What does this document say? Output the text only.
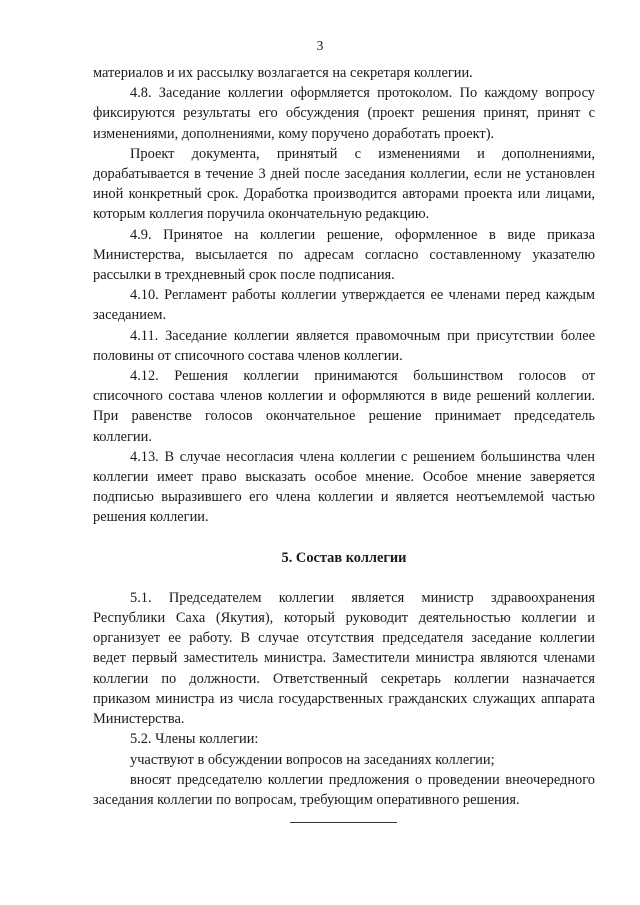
3

материалов и их рассылку возлагается на секретаря коллегии.

4.8. Заседание коллегии оформляется протоколом. По каждому вопросу фиксируются результаты его обсуждения (проект решения принят, принят с изменениями, дополнениями, кому поручено доработать проект).

Проект документа, принятый с изменениями и дополнениями, дорабатывается в течение 3 дней после заседания коллегии, если не установлен иной конкретный срок. Доработка производится авторами проекта или лицами, которым коллегия поручила окончательную редакцию.

4.9. Принятое на коллегии решение, оформленное в виде приказа Министерства, высылается по адресам согласно составленному указателю рассылки в трехдневный срок после подписания.

4.10. Регламент работы коллегии утверждается ее членами перед каждым заседанием.

4.11. Заседание коллегии является правомочным при присутствии более половины от списочного состава членов коллегии.

4.12. Решения коллегии принимаются большинством голосов от списочного состава членов коллегии и оформляются в виде решений коллегии. При равенстве голосов окончательное решение принимает председатель коллегии.

4.13. В случае несогласия члена коллегии с решением большинства член коллегии имеет право высказать особое мнение. Особое мнение заверяется подписью выразившего его члена коллегии и является неотъемлемой частью решения коллегии.

5. Состав коллегии

5.1. Председателем коллегии является министр здравоохранения Республики Саха (Якутия), который руководит деятельностью коллегии и организует ее работу. В случае отсутствия председателя заседание коллегии ведет первый заместитель министра. Заместители министра являются членами коллегии по должности. Ответственный секретарь коллегии назначается приказом министра из числа государственных гражданских служащих аппарата Министерства.

5.2. Члены коллегии:

участвуют в обсуждении вопросов на заседаниях коллегии;

вносят председателю коллегии предложения о проведении внеочередного заседания коллегии по вопросам, требующим оперативного решения.
